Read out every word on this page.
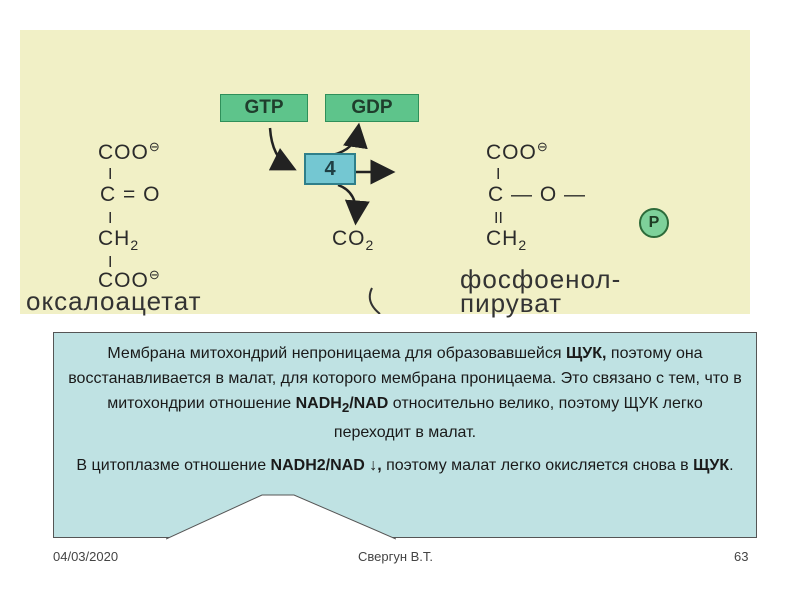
GTP	GDP
4
$CO_2$
COO⊖
I
C = O
I
$CH_2$
I
COO⊖
оксалоацетат
COO⊖
I
C — O —
P
II
$CH_2$
фосфоенол-
пируват

Мембрана митохондрий непроницаема для образовавшейся ЩУК, поэтому она восстанавливается в малат, для которого мембрана проницаема. Это связано с тем, что в митохондрии отношение $NADH_2$/NAD относительно велико, поэтому ЩУК легко переходит в малат.

В цитоплазме отношение NADH2/NAD ↓, поэтому малат легко окисляется снова в ЩУК.

04/03/2020	Свергун В.Т.	63
